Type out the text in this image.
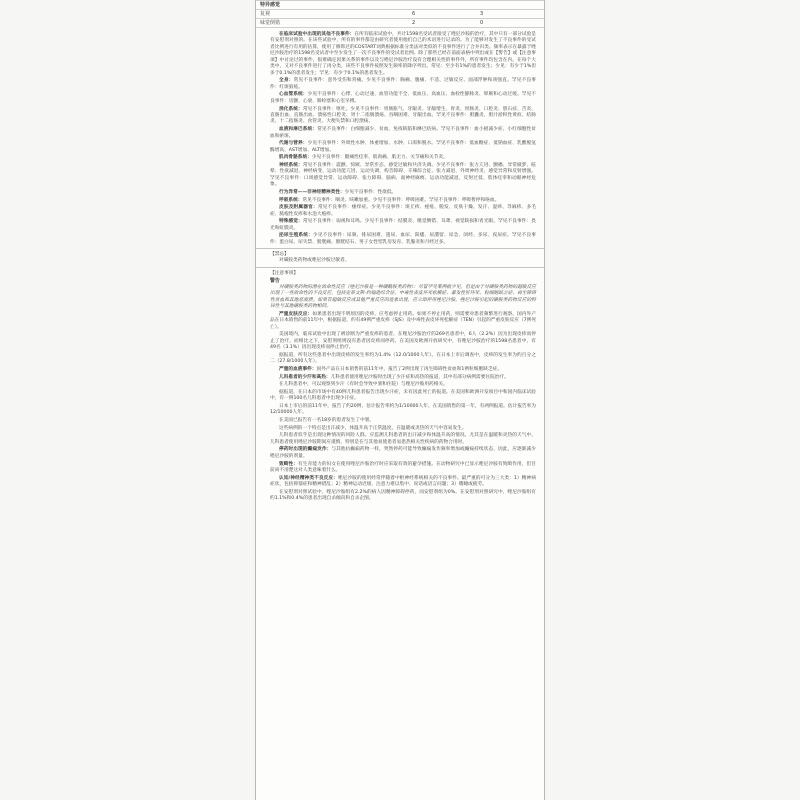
特异感觉		
复视	6	3
味觉倒错	2	0

在临床试验中出现的其他不良事件：在所有临床试验中，共计1598名受试者接受了唑尼沙胺的治疗，其中只有一部分试验是有安慰剂对照的。在该些试验中，所有的事件都是由研究者使用他们自己的术语进行记录的。为了能够对发生了不良事件的受试者比例进行有用的估算，使用了修饰过的COSTART词典根据标准分类法对类似的不良事件进行了合并归类。频率表示在暴露于唑尼沙胺治疗的1598名受试者中至少发生了一次不良事件的受试者比例。除了那些已经在前面表格中列出或在【警告】或【注意事项】中讨论过的事件，很难确定因果关系的事件以及与唑尼沙胺治疗没有合理相关性的事件外，所有事件均包含在内。在每个大类中，又对不良事件进行了再分类，该些不良事件按照发生频率的降序列出。常见：至少有1%的患者发生；少见：有少于1%但多于0.1%的患者发生；罕见：有少于0.1%的患者发生。

全身：常见不良事件：意外受伤和背痛。少见不良事件：胸痛、腹痛、不适、过敏反应、面部浮肿和颈强直。罕见不良事件：红斑狼疮。

心血管系统：少见不良事件：心悸、心动过速、血管功能不全、低血压、高血压、血栓性静脉炎、晕厥和心动过缓。罕见不良事件：房颤、心衰、肺栓塞和心室早搏。

消化系统：常见不良事件：呕吐。少见不良事件：胃肠胀气、牙龈炎、牙龈增生、胃炎、胃肠炎、口腔炎、胆石症、舌炎、直肠出血、直肠出血、溃疡性口腔炎、胃十二指肠溃疡、吞咽困难、牙龈出血。罕见不良事件：胆囊炎、胆汁淤积性黄疸、结肠炎、十二指肠炎、食管炎、大便失禁和口腔溃疡。

血液和淋巴系统：常见不良事件：白细胞减少、贫血、免疫缺陷和淋巴结病。罕见不良事件：血小板减少症、小红细胞性贫血和瘀斑。

代谢与营养：少见不良事件：外周性水肿、体重增加、水肿、口渴和脱水。罕见不良事件：低血糖症、低钠血症、乳酸脱氢酶增高、AST增加、ALT增加。

肌肉骨骼系统：少见不良事件：腿痛性痉挛、肌肉痛、肌无力、关节痛和关节炎。

神经系统：常见不良事件：震颤、惊厥、异常步态、感觉过敏和共济失调。少见不良事件：张力亢进、颤搐、异常做梦、眩晕、性欲减退、神经病变、运动功能亢进、运动失调、构音障碍、辛辣综合征、张力减退、外周神经炎、感觉异常和反射增强。罕见不良事件：口周感觉异常、运动障碍、张力障碍、脑病、面神经麻痹、运动功能减退、反射过低、肢体痉挛和动眼神经危象。

行为异常——非神经精神类性：少见不良事件：性欲低。

呼吸系统：常见不良事件：咽炎、咳嗽加重。少见不良事件：呼吸困难。罕见不良事件：呼吸暂停和咯血。

皮肤及附属器官：常见不良事件：瘙痒症。少见不良事件：斑丘疹、痤疮、脱发、皮肤干燥、发汗、湿疹、荨麻疹、多毛症、脓疱性皮疹和水泡大疱疹。

特殊感觉：常见不良事件：弱视和耳鸣。少见不良事件：结膜炎、嗅觉倒错、耳聋、视觉缺损和青光眼。罕见不良事件：畏光和虹膜炎。

泌尿生殖系统：少见不良事件：尿频、排尿困难、遗尿、血尿、阳痿、尿潴留、尿急、闭经、多尿、夜尿症。罕见不良事件：蛋白尿、尿失禁、膀胱痛、膀胱结石、男子女性型乳房发育、乳腺炎和月经过多。

【禁忌】

对磺胺类药物或唑尼沙胺过敏者。

【注意事项】

警告

对磺胺类药物的潜在致命性反应（唑尼沙胺是一种磺酰胺类药物）：尽管罕见案例很少见，但是由于对磺胺类药物的超敏反应出现了一些致命性的不良反应，包括史蒂文斯-约翰逊综合征、中毒性表皮坏死松解症、暴发性肝坏死、粒细胞缺乏症、再生障碍性贫血和其他恶液质。如果有超敏反应或其他严重反应的迹象出现，应立即停用唑尼沙胺。唑尼沙胺引起的磺胺类药物反应的特异性与其他磺胺类药物相同。

严重皮肤反应：如果患者出现不明原因的皮疹，应考虑停止用药。如果不停止用药，则需要对患者频繁进行观察。国内外产品在日本销售的前11年中，根据报道，约有49例严重皮疹（SJS）及中毒性表皮坏死松解症（TEN）引起的严重皮肤反应（7例死亡）。

美国境内，临床试验中出现了被诊断为严重皮疹的患者，在唑尼沙胺治疗的269名患者中，6人（2.2%）因为出现皮疹而停止了治疗。而相比之下，安慰剂组则没有患者因皮疹而停药。在美国及欧洲开放研究中，有唑尼沙胺治疗的1598名患者中，有49名（3.1%）因出现皮疹而停止治疗。

据报道，所有这些患者中出现皮疹的发生率约为1.4%（12.0/1000人年）。在日本上市后调查中，皮疹的发生率为约百分之二（27.8/1000人年）。

严重的血液事件：国外产品在日本销售的前11年中，报告了2例出现了再生障碍性贫血和1例粒细胞缺乏症。

儿科患者的少汗和高热：儿科患者使用唑尼沙胺时出现了少汗症和高热的报道，其中有部分病例需要住院治疗。

在儿科患者中，可以观察到少汗（有时会导致中暑和住院）与唑尼沙胺用药相关。

据报道，在日本的市场中有40例儿科患者报告出现少汗症，未有因此死亡的报道。在美国和欧洲开发项目中和国内临床试验中，有一例100名儿科患者中出现少汗症。

日本上市后的前11年中，报告了约20例，估计报告率约为1/10000人年。在美国销售的第一年，有两例报道。估计报告率为12/10000人年。

在美国已报告有一名18岁的患者发生了中暑。

这些病例的一个特点是出汗减少，体温升高于正常温度，在温暖或炎热的天气中容易发生。

儿科患者似乎是出现这种情况的风险人群。应监测儿科患者的出汗减少和体温升高的情况。尤其是在温暖和炎热的天气中。儿科患者使用唑尼沙胺期间应谨慎，特别是在与其他易使患者易患热相关性疾病的药物合用时。

停药时出现的癫痫发作：与其他抗癫痫药物一样，突然停药可能导致癫痫发作频率增加或癫痫持续状态，因此，应逐渐减少唑尼沙胺的剂量。

致畸性：有生育能力的妇女在使用唑尼沙胺治疗时应采取有效的避孕措施。在动物研究中已显示唑尼沙胺有致畸作用，但目前尚不清楚这对人类意味着什么。

认知/神经精神类不良反应：唑尼沙胺的使用经常伴随着中枢神经系统相关的不良事件。最严重的可分为三大类：1）精神病症状，包括抑郁症和精神错乱；2）精神运动迟缓、注意力难以集中、说话或语言问题；3）嗜睡或疲劳。

在安慰剂对照试验中，唑尼沙胺组有2.2%的病人因精神障碍停药，而安慰剂组为0%。在安慰剂对照研究中，唑尼沙胺组有约1.1%和0.4%的患者出现自杀倾向和自杀企图。
